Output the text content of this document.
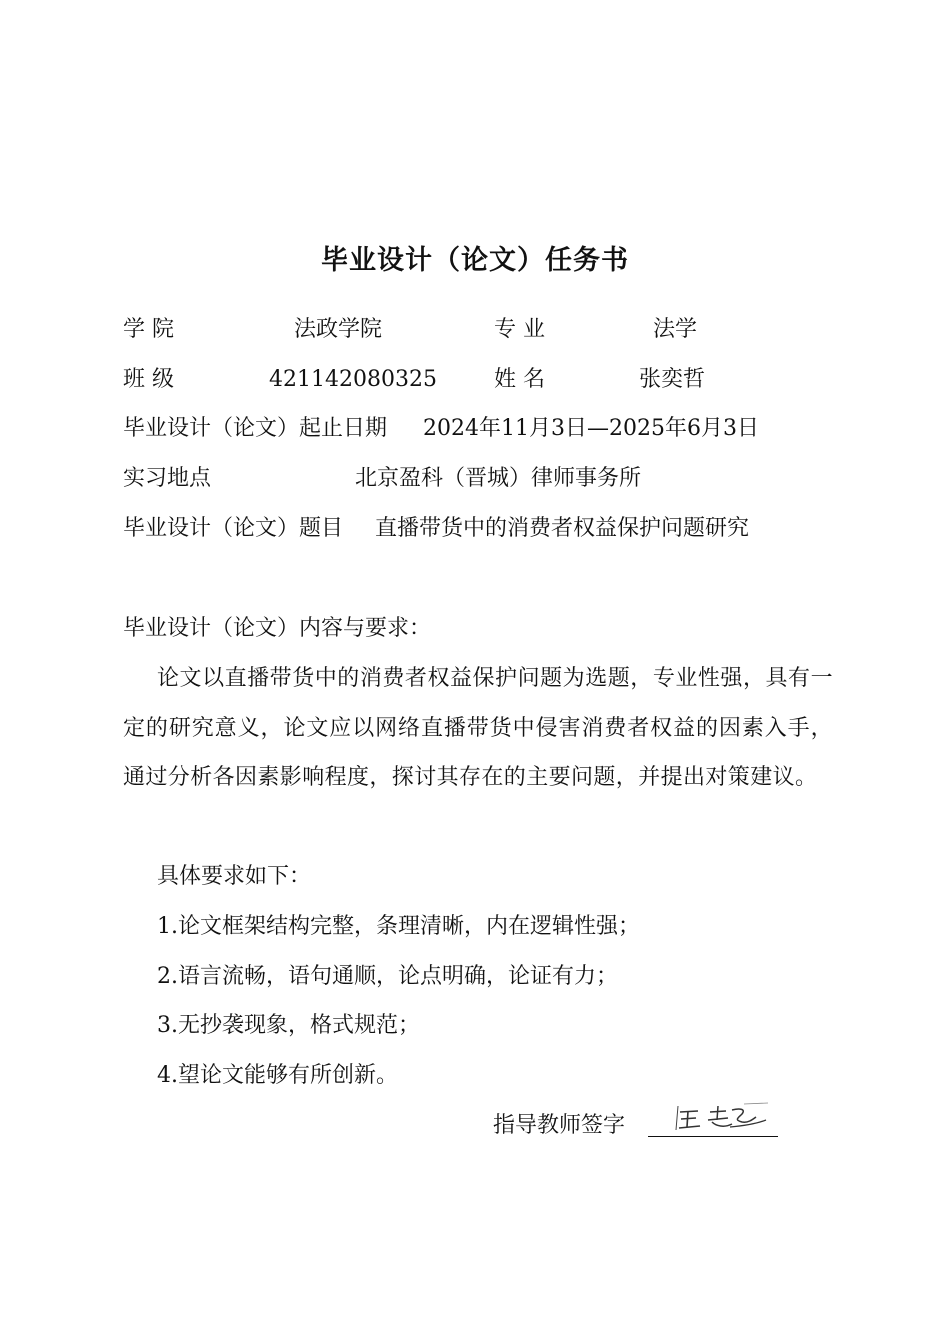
毕业设计（论文）任务书
学 院	法政学院	专 业	法学
班 级	421142080325	姓 名	张奕哲
毕业设计（论文）起止日期 2024年11月3日—2025年6月3日
实习地点	北京盈科（晋城）律师事务所
毕业设计（论文）题目 直播带货中的消费者权益保护问题研究
毕业设计（论文）内容与要求：
论文以直播带货中的消费者权益保护问题为选题，专业性强，具有一定的研究意义，论文应以网络直播带货中侵害消费者权益的因素入手，通过分析各因素影响程度，探讨其存在的主要问题，并提出对策建议。
具体要求如下：
1.论文框架结构完整，条理清晰，内在逻辑性强；
2.语言流畅，语句通顺，论点明确，论证有力；
3.无抄袭现象，格式规范；
4.望论文能够有所创新。
指导教师签字
